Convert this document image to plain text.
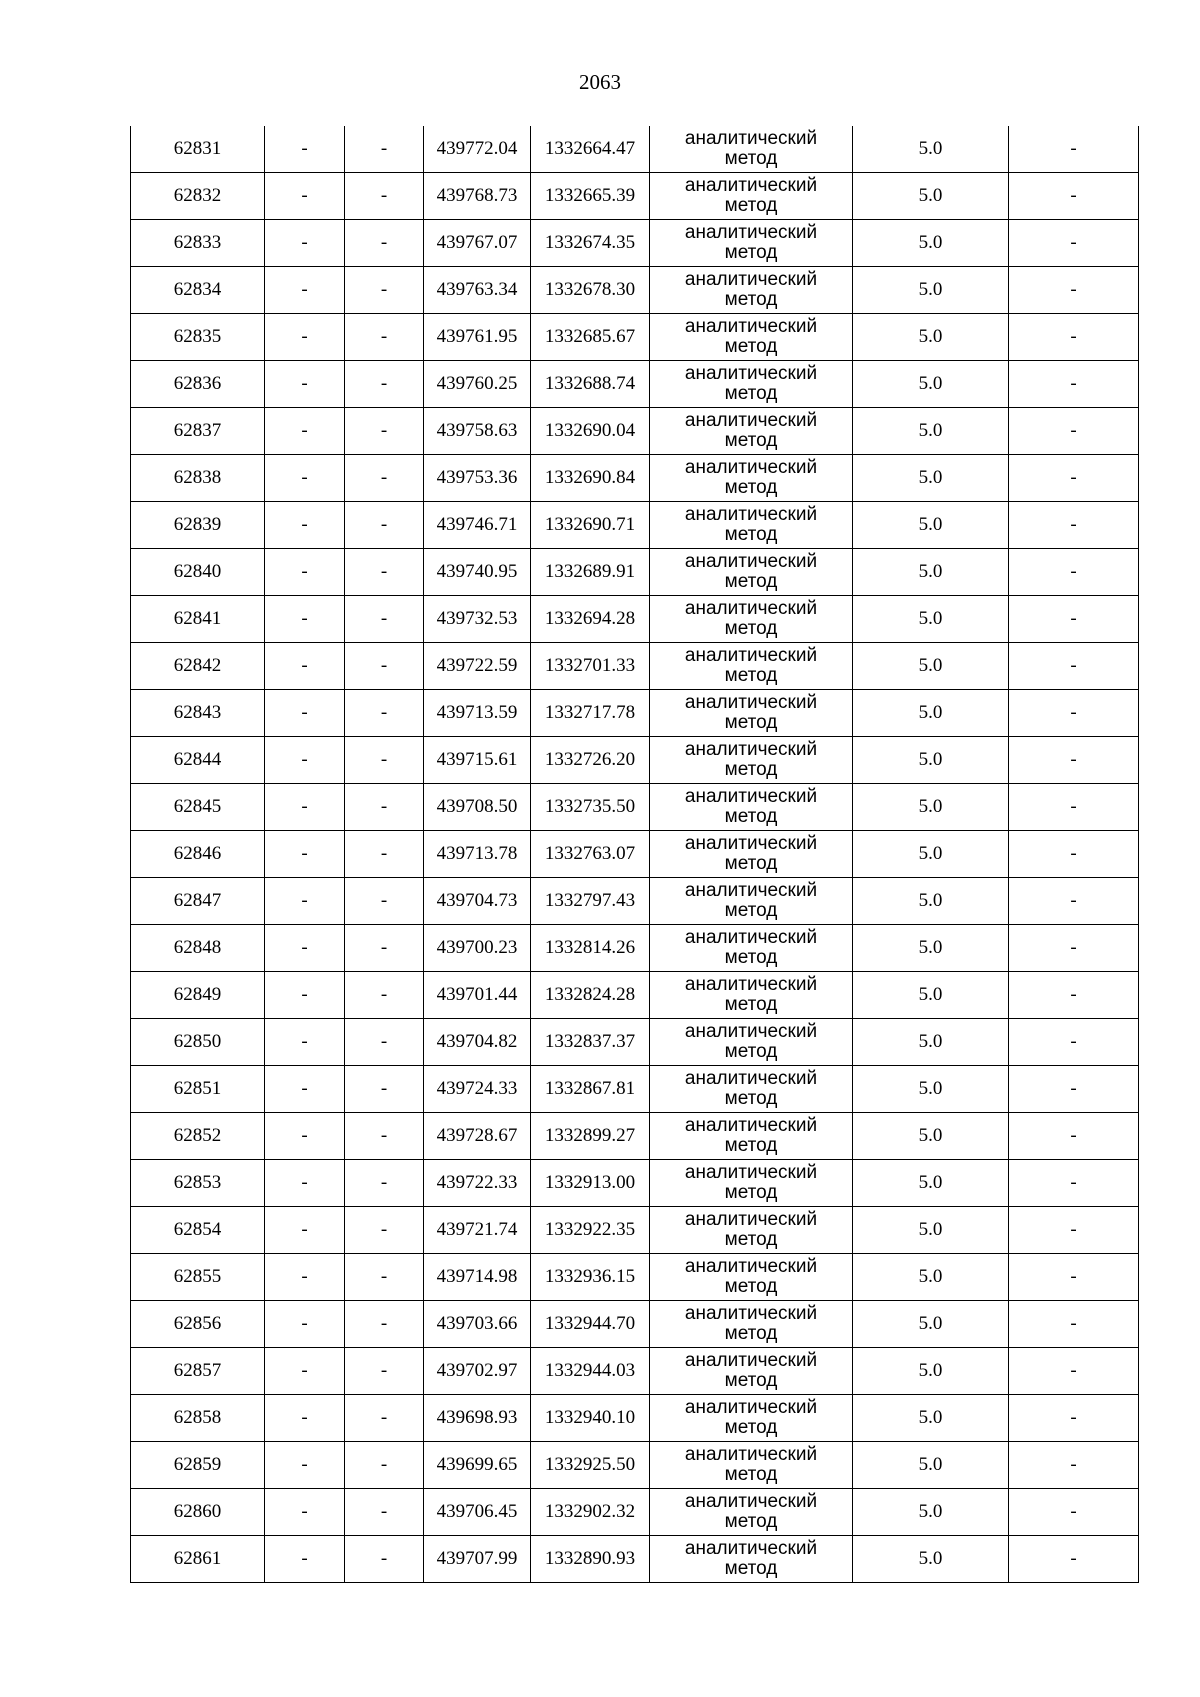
2063
62831	-	-	439772.04	1332664.47	аналитический
метод	5.0	-
62832	-	-	439768.73	1332665.39	аналитический
метод	5.0	-
62833	-	-	439767.07	1332674.35	аналитический
метод	5.0	-
62834	-	-	439763.34	1332678.30	аналитический
метод	5.0	-
62835	-	-	439761.95	1332685.67	аналитический
метод	5.0	-
62836	-	-	439760.25	1332688.74	аналитический
метод	5.0	-
62837	-	-	439758.63	1332690.04	аналитический
метод	5.0	-
62838	-	-	439753.36	1332690.84	аналитический
метод	5.0	-
62839	-	-	439746.71	1332690.71	аналитический
метод	5.0	-
62840	-	-	439740.95	1332689.91	аналитический
метод	5.0	-
62841	-	-	439732.53	1332694.28	аналитический
метод	5.0	-
62842	-	-	439722.59	1332701.33	аналитический
метод	5.0	-
62843	-	-	439713.59	1332717.78	аналитический
метод	5.0	-
62844	-	-	439715.61	1332726.20	аналитический
метод	5.0	-
62845	-	-	439708.50	1332735.50	аналитический
метод	5.0	-
62846	-	-	439713.78	1332763.07	аналитический
метод	5.0	-
62847	-	-	439704.73	1332797.43	аналитический
метод	5.0	-
62848	-	-	439700.23	1332814.26	аналитический
метод	5.0	-
62849	-	-	439701.44	1332824.28	аналитический
метод	5.0	-
62850	-	-	439704.82	1332837.37	аналитический
метод	5.0	-
62851	-	-	439724.33	1332867.81	аналитический
метод	5.0	-
62852	-	-	439728.67	1332899.27	аналитический
метод	5.0	-
62853	-	-	439722.33	1332913.00	аналитический
метод	5.0	-
62854	-	-	439721.74	1332922.35	аналитический
метод	5.0	-
62855	-	-	439714.98	1332936.15	аналитический
метод	5.0	-
62856	-	-	439703.66	1332944.70	аналитический
метод	5.0	-
62857	-	-	439702.97	1332944.03	аналитический
метод	5.0	-
62858	-	-	439698.93	1332940.10	аналитический
метод	5.0	-
62859	-	-	439699.65	1332925.50	аналитический
метод	5.0	-
62860	-	-	439706.45	1332902.32	аналитический
метод	5.0	-
62861	-	-	439707.99	1332890.93	аналитический
метод	5.0	-
